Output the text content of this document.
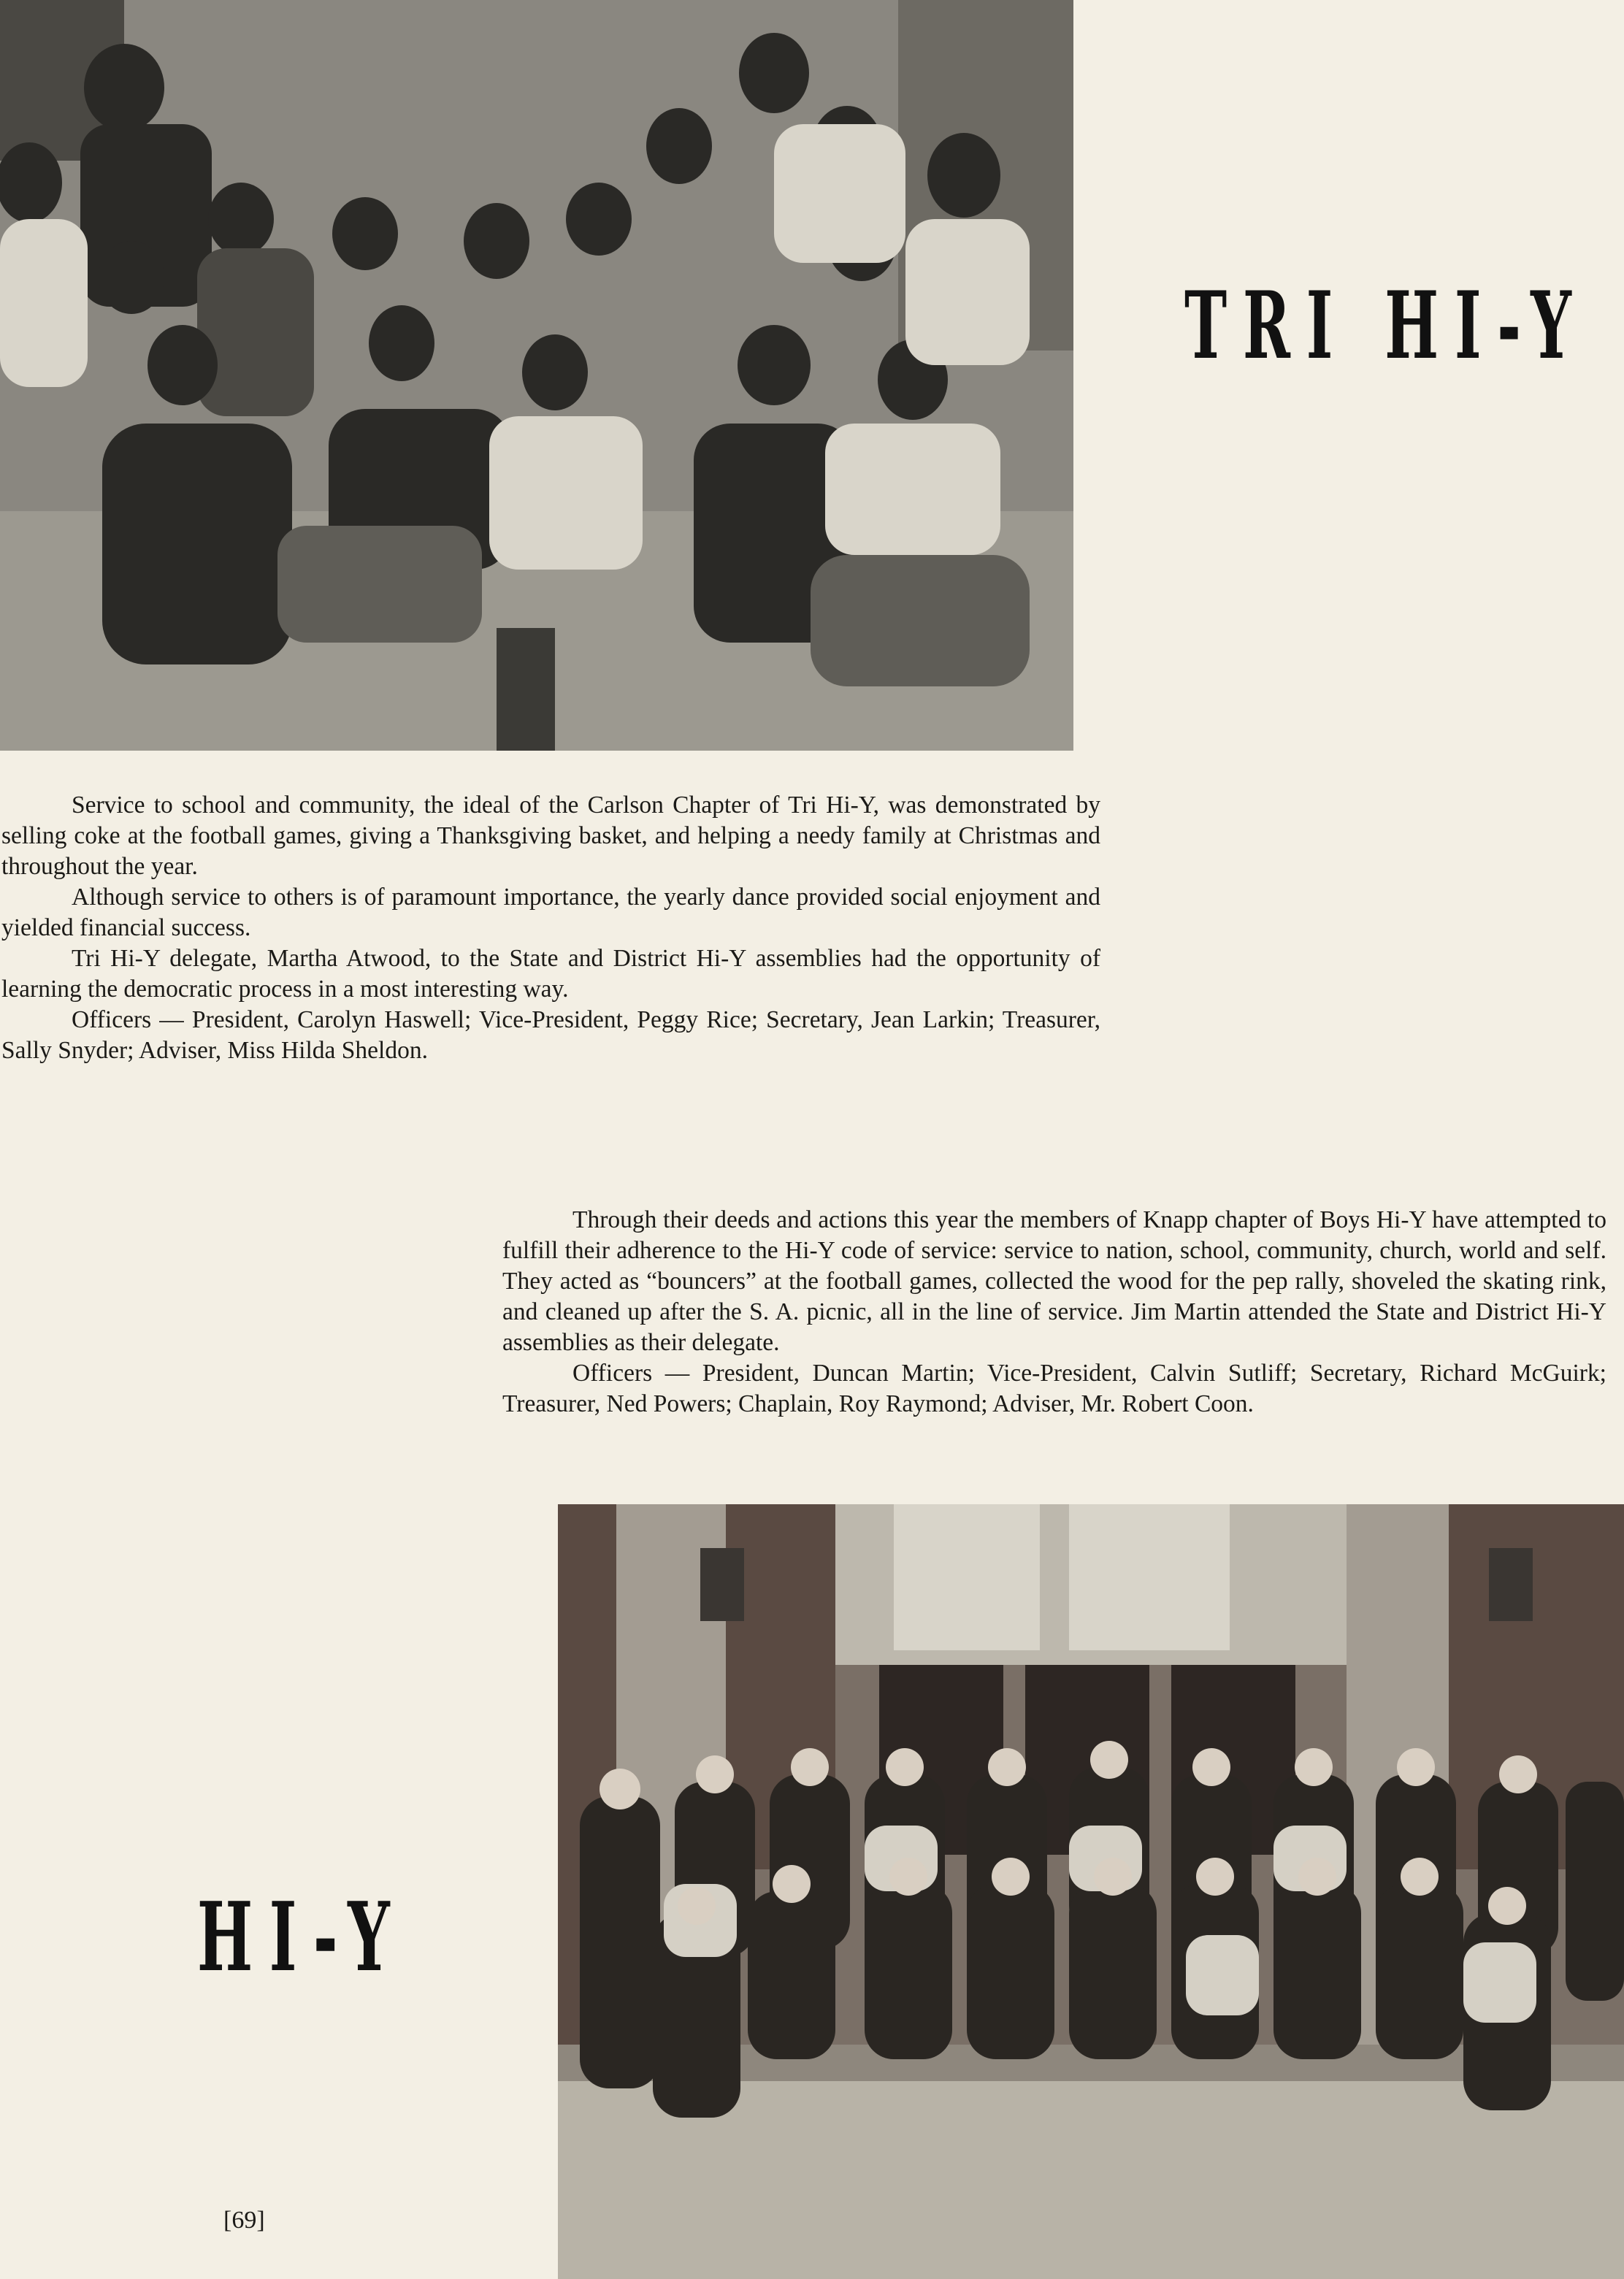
TRI HI-Y

Service to school and community, the ideal of the Carlson Chapter of Tri Hi-Y, was demonstrated by selling coke at the football games, giving a Thanksgiving basket, and helping a needy family at Christmas and throughout the year.

Although service to others is of paramount importance, the yearly dance provided social enjoyment and yielded financial success.

Tri Hi-Y delegate, Martha Atwood, to the State and District Hi-Y assemblies had the opportunity of learning the democratic process in a most interesting way.

Officers — President, Carolyn Haswell; Vice-President, Peggy Rice; Secretary, Jean Larkin; Treasurer, Sally Snyder; Adviser, Miss Hilda Sheldon.

Through their deeds and actions this year the members of Knapp chapter of Boys Hi-Y have attempted to fulfill their adherence to the Hi-Y code of service: service to nation, school, community, church, world and self. They acted as “bouncers” at the football games, collected the wood for the pep rally, shoveled the skating rink, and cleaned up after the S. A. picnic, all in the line of service. Jim Martin attended the State and District Hi-Y assemblies as their delegate.

Officers — President, Duncan Martin; Vice-President, Calvin Sutliff; Secretary, Richard McGuirk; Treasurer, Ned Powers; Chaplain, Roy Raymond; Adviser, Mr. Robert Coon.

HI-Y
[69]
